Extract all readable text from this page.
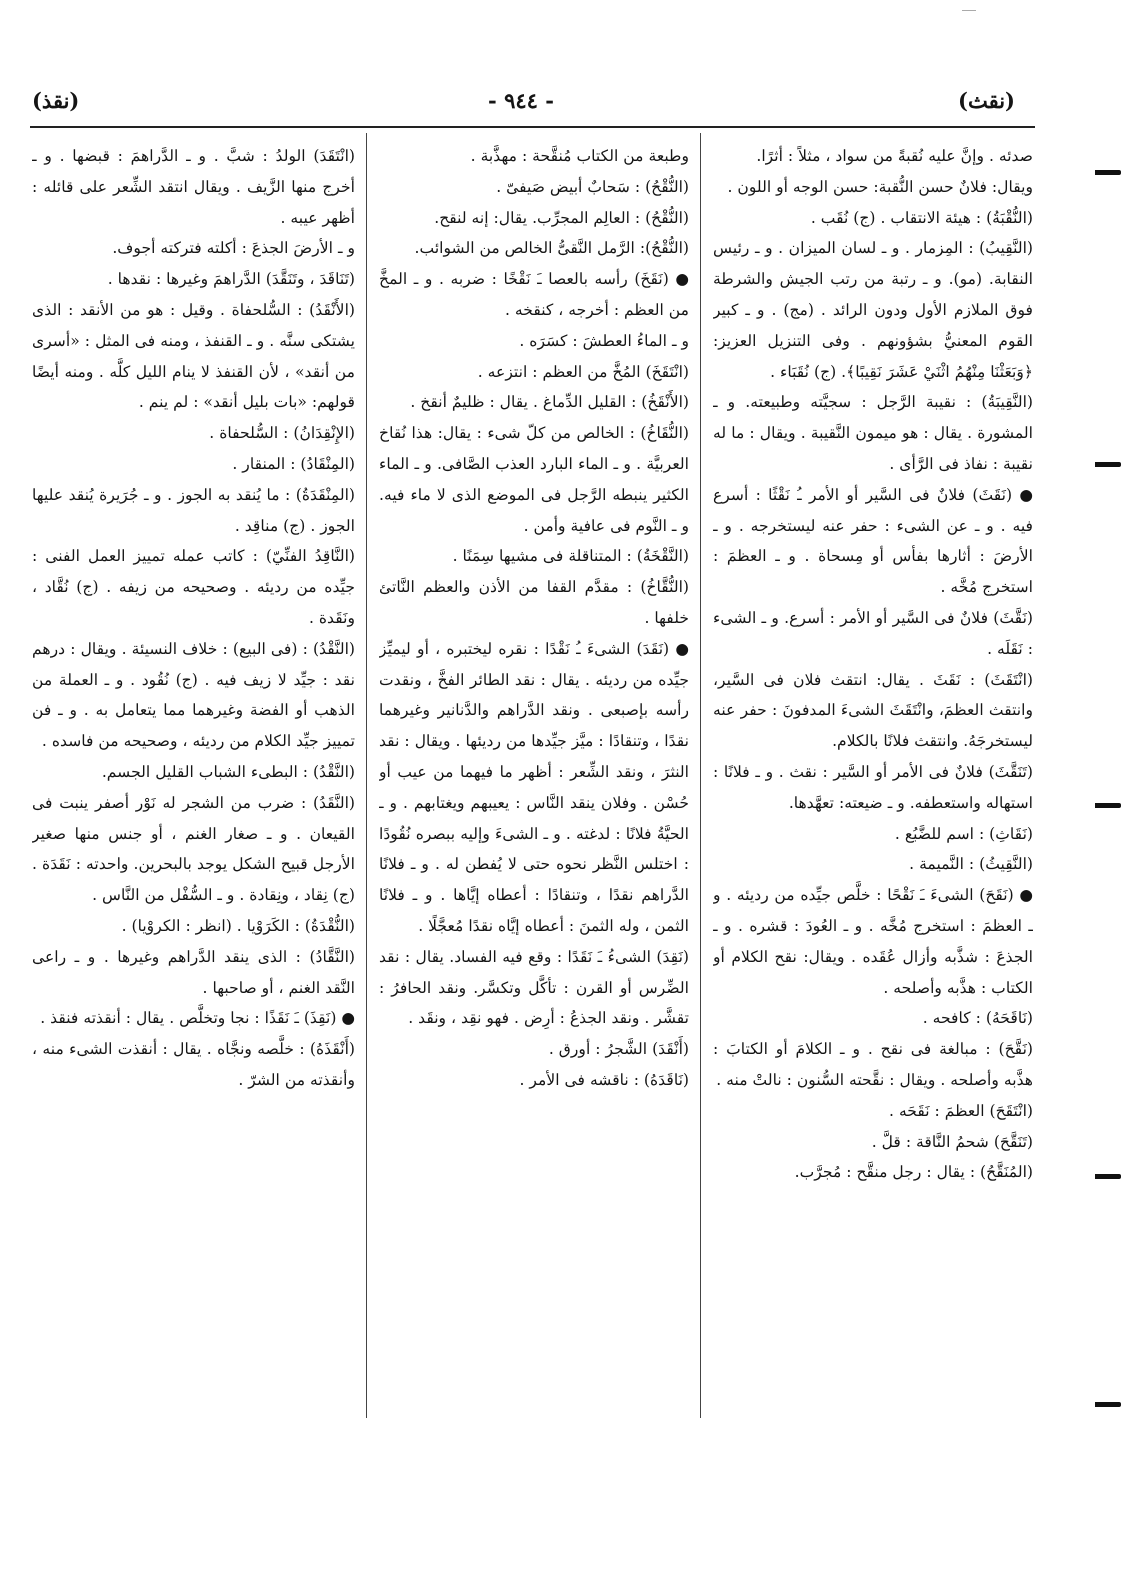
(نقث)
- ٩٤٤ -
(نقذ)

صدئه . وإنَّ عليه نُقبةً من سواد ، مثلاً : أثرًا.

ويقال: فلانٌ حسن النُّقبة: حسن الوجه أو اللون .

(النُّقْبَةُ) : هيئة الانتقاب . (ج) نُقَب .

(النَّقِيبُ) : المِزمار . و ـ لسان الميزان . و ـ رئيس النقابة. (مو). و ـ رتبة من رتب الجيش والشرطة فوق الملازم الأول ودون الرائد . (مج) . و ـ كبير القوم المعنيُّ بشؤونهم . وفى التنزيل العزيز: ﴿وَبَعَثْنَا مِنْهُمُ اثْنَيْ عَشَرَ نَقِيبًا﴾. (ج) نُقَبَاء .

(النَّقِيبَةُ) : نقيبة الرَّجل : سجيَّته وطبيعته. و ـ المشورة . يقال : هو ميمون النَّقيبة . ويقال : ما له نقيبة : نفاذ فى الرَّأى .

● (نَقَثَ) فلانٌ فى السَّير أو الأمر ـُ نَقْثًا : أسرع فيه . و ـ عن الشىء : حفر عنه ليستخرجه . و ـ الأرضَ : أثارها بفأس أو مِسحاة . و ـ العظمَ : استخرج مُخَّه .

(نَقَّثَ) فلانٌ فى السَّير أو الأمر : أسرع. و ـ الشىء : نَقَلَه .

(انْتَقَثَ) : نَقَثَ . يقال: انتقث فلان فى السَّير، وانتقث العظمَ، وانْتَقَثَ الشىءَ المدفونَ : حفر عنه ليستخرجَهُ. وانتقث فلانًا بالكلام.

(تَنَقَّثَ) فلانٌ فى الأمر أو السَّير : نقث . و ـ فلانًا : استهاله واستعطفه. و ـ ضيعته: تعهَّدها.

(نَقَاثِ) : اسم للضَّبُع .

(النَّقِيثُ) : النَّميمة .

● (نَقَحَ) الشىءَ ـَ نَقْحًا : خلَّص جيِّده من رديئه . و ـ العظمَ : استخرج مُخَّه . و ـ العُودَ : قشره . و ـ الجذعَ : شذَّبه وأزال عُقَده . ويقال: نقح الكلام أو الكتاب : هذَّبه وأصلحه .

(نَاقَحَهُ) : كافحه .

(نَقَّحَ) : مبالغة فى نقح . و ـ الكلامَ أو الكتابَ : هذَّبه وأصلحه . ويقال : نقَّحته السُّنون : نالتْ منه .

(انْتَقَحَ) العظمَ : نَقَحَه .

(تَنَقَّحَ) شحمُ النَّاقة : قلَّ .

(المُنَقَّحُ) : يقال : رجل منقَّح : مُجرَّب.

وطبعة من الكتاب مُنقَّحة : مهذَّبة .

(النُّقْحُ) : سَحابٌ أبيض صَيفىّ .

(النُّقْحُ) : العالِم المجرِّب. يقال: إنه لنقح.

(النُّقْحُ): الرَّمل النَّقىُّ الخالص من الشوائب.

● (نَقَخَ) رأسه بالعصا ـَ نَقْخًا : ضربه . و ـ المخَّ من العظم : أخرجه ، كنقخه .

و ـ الماءُ العطشَ : كسَرَه .

(انْتَقَخَ) المُخَّ من العظم : انتزعه .

(الأَنْقَخُ) : القليل الدِّماغ . يقال : ظليمٌ أنقخ .

(النُّقَاخُ) : الخالص من كلّ شىء : يقال: هذا نُقاخ العربيَّة . و ـ الماء البارد العذب الصَّافى. و ـ الماء الكثير ينبطه الرَّجل فى الموضع الذى لا ماء فيه. و ـ النَّوم فى عافية وأمن .

(النَّقْخَةُ) : المتناقلة فى مشيها سِمَنًا .

(النُّقَّاخُ) : مقدَّم القفا من الأذن والعظم النَّاتئ خلفها .

● (نَقَدَ) الشىءَ ـُ نَقْدًا : نقره ليختبره ، أو ليميِّز جيِّده من رديئه . يقال : نقد الطائر الفخَّ ، ونقدت رأسه بإصبعى . ونقد الدَّراهم والدَّنانير وغيرهما نقدًا ، وتنقادًا : ميَّز جيِّدها من رديئها . ويقال : نقد النثرَ ، ونقد الشِّعر : أظهر ما فيهما من عيب أو حُسْن . وفلان ينقد النَّاس : يعيبهم ويغتابهم . و ـ الحيَّةُ فلانًا : لدغته . و ـ الشىءَ وإليه ببصره نُقُودًا : اختلس النَّظر نحوه حتى لا يُفطن له . و ـ فلانًا الدَّراهم نقدًا ، وتنقادًا : أعطاه إيَّاها . و ـ فلانًا الثمن ، وله الثمنَ : أعطاه إيَّاه نقدًا مُعجَّلًا .

(نَقِدَ) الشىءُ ـَ نَقَدًا : وقع فيه الفساد. يقال : نقد الضِّرس أو القرن : تأكَّل وتكسَّر. ونقد الحافرُ : تقشَّر . ونقد الجذعُ : أرِض . فهو نقِد ، ونقَد .

(أَنْقَدَ) الشَّجرُ : أورق .

(نَاقَدَهُ) : ناقشه فى الأمر .

(انْتَقَدَ) الولدُ : شبَّ . و ـ الدَّراهمَ : قبضها . و ـ أخرج منها الزَّيف . ويقال انتقد الشِّعر على قائله : أظهر عيبه .

و ـ الأرضَ الجذعَ : أكلته فتركته أجوف.

(تَنَاقَدَ ، وتَنَقَّدَ) الدَّراهمَ وغيرها : نقدها .

(الأَنْقَدُ) : السُّلحفاة . وقيل : هو من الأنقد : الذى يشتكى سنَّه . و ـ القنفذ ، ومنه فى المثل : «أسرى من أنقد» ، لأن القنفذ لا ينام الليل كلَّه . ومنه أيضًا قولهم: «بات بليل أنقد» : لم ينم .

(الإِنْقِدَانُ) : السُّلحفاة .

(المِنْقَادُ) : المنقار .

(المِنْقَدَةُ) : ما يُنقد به الجوز . و ـ جُرَيرة يُنقد عليها الجوز . (ج) مناقِد .

(النَّاقِدُ الفنِّيّ) : كاتب عمله تمييز العمل الفنى : جيِّده من رديئه . وصحيحه من زيفه . (ج) نُقَّاد ، ونَقَدة .

(النَّقْدُ) : (فى البيع) : خلاف النسيئة . ويقال : درهم نقد : جيِّد لا زيف فيه . (ج) نُقُود . و ـ العملة من الذهب أو الفضة وغيرهما مما يتعامل به . و ـ فن تمييز جيِّد الكلام من رديئه ، وصحيحه من فاسده .

(النَّقْدُ) : البطىء الشباب القليل الجسم.

(النَّقَدُ) : ضرب من الشجر له نَوْر أصفر ينبت فى القيعان . و ـ صغار الغنم ، أو جنس منها صغير الأرجل قبيح الشكل يوجد بالبحرين. واحدته : نَقَدَة . (ج) نِقاد ، ونِقادة . و ـ السُّفْل من النَّاس .

(النُّقْدَةُ) : الكَرَوْيا . (انظر : الكروْيا) .

(النَّقَّادُ) : الذى ينقد الدَّراهم وغيرها . و ـ راعى النَّقد الغنم ، أو صاحبها .

● (نَقِذَ) ـَ نَقَذًا : نجا وتخلَّص . يقال : أنقذته فنقذ .

(أَنْقَذَهُ) : خلَّصه ونجَّاه . يقال : أنقذت الشىء منه ، وأنقذته من الشرّ .
